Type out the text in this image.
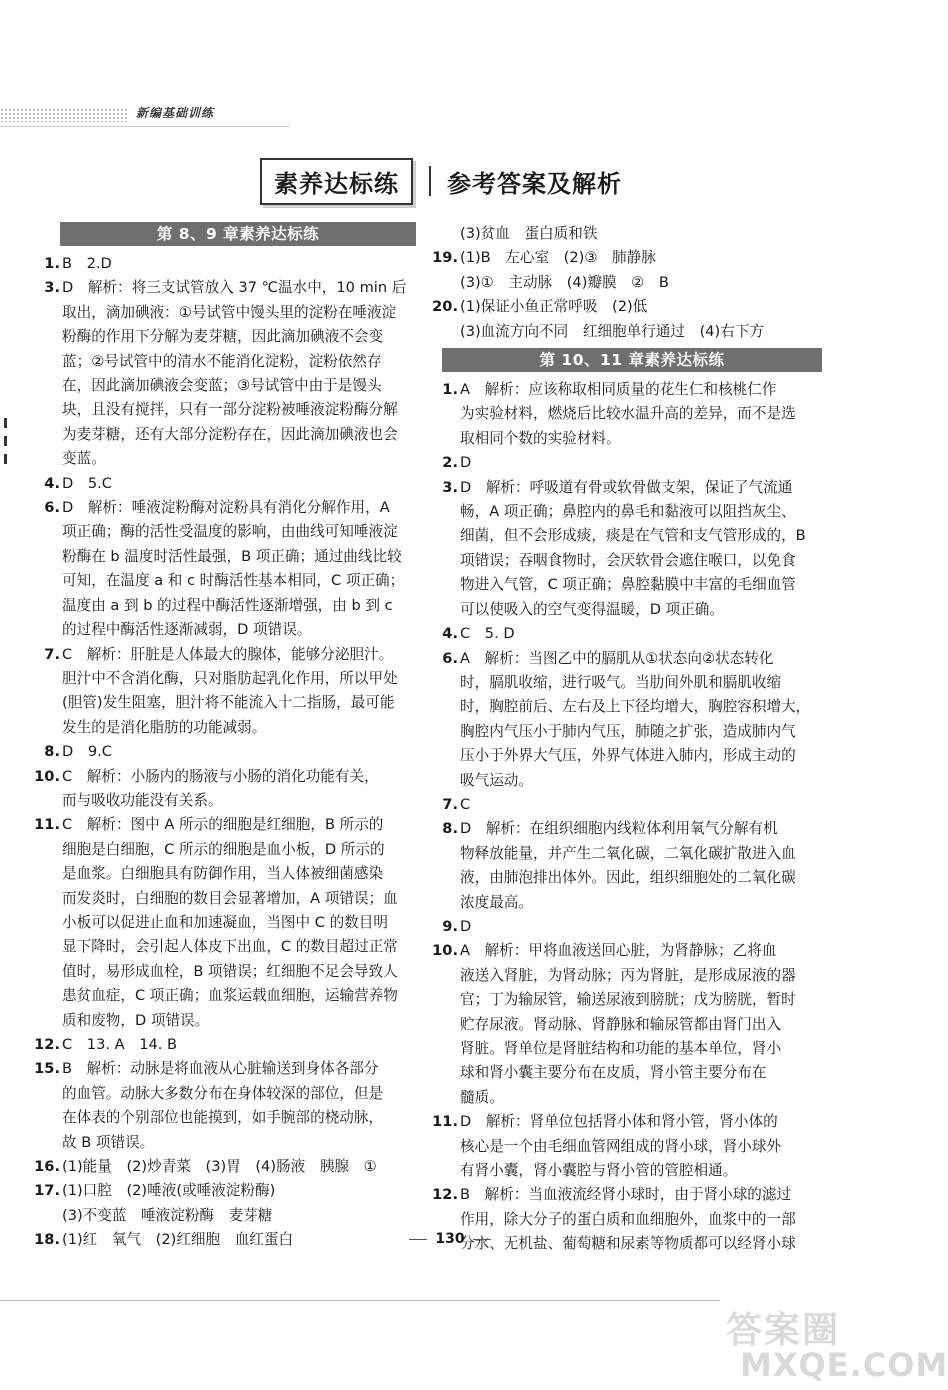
新编基础训练
素养达标练	参考答案及解析
第 8、9 章素养达标练
1. B　2.D
3. D　解析：将三支试管放入 37 ℃温水中，10 min 后
取出，滴加碘液：①号试管中馒头里的淀粉在唾液淀
粉酶的作用下分解为麦芽糖，因此滴加碘液不会变
蓝；②号试管中的清水不能消化淀粉，淀粉依然存
在，因此滴加碘液会变蓝；③号试管中由于是馒头
块，且没有搅拌，只有一部分淀粉被唾液淀粉酶分解
为麦芽糖，还有大部分淀粉存在，因此滴加碘液也会
变蓝。
4. D　5.C
6. D　解析：唾液淀粉酶对淀粉具有消化分解作用，A
项正确；酶的活性受温度的影响，由曲线可知唾液淀
粉酶在 b 温度时活性最强，B 项正确；通过曲线比较
可知，在温度 a 和 c 时酶活性基本相同，C 项正确；
温度由 a 到 b 的过程中酶活性逐渐增强，由 b 到 c
的过程中酶活性逐渐减弱，D 项错误。
7. C　解析：肝脏是人体最大的腺体，能够分泌胆汁。
胆汁中不含消化酶，只对脂肪起乳化作用，所以甲处
(胆管)发生阻塞，胆汁将不能流入十二指肠，最可能
发生的是消化脂肪的功能减弱。
8. D　9.C
10. C　解析：小肠内的肠液与小肠的消化功能有关，
而与吸收功能没有关系。
11. C　解析：图中 A 所示的细胞是红细胞，B 所示的
细胞是白细胞，C 所示的细胞是血小板，D 所示的
是血浆。白细胞具有防御作用，当人体被细菌感染
而发炎时，白细胞的数目会显著增加，A 项错误；血
小板可以促进止血和加速凝血，当图中 C 的数目明
显下降时，会引起人体皮下出血，C 的数目超过正常
值时，易形成血栓，B 项错误；红细胞不足会导致人
患贫血症，C 项正确；血浆运载血细胞，运输营养物
质和废物，D 项错误。
12. C　13. A　14. B
15. B　解析：动脉是将血液从心脏输送到身体各部分
的血管。动脉大多数分布在身体较深的部位，但是
在体表的个别部位也能摸到，如手腕部的桡动脉，
故 B 项错误。
16. (1)能量　(2)炒青菜　(3)胃　(4)肠液　胰腺　①
17. (1)口腔　(2)唾液(或唾液淀粉酶)
(3)不变蓝　唾液淀粉酶　麦芽糖
18. (1)红　氧气　(2)红细胞　血红蛋白
(3)贫血　蛋白质和铁
19. (1)B　左心室　(2)③　肺静脉
(3)①　主动脉　(4)瓣膜　②　B
20. (1)保证小鱼正常呼吸　(2)低
(3)血流方向不同　红细胞单行通过　(4)右下方
第 10、11 章素养达标练
1. A　解析：应该称取相同质量的花生仁和核桃仁作
为实验材料，燃烧后比较水温升高的差异，而不是选
取相同个数的实验材料。
2. D
3. D　解析：呼吸道有骨或软骨做支架，保证了气流通
畅，A 项正确；鼻腔内的鼻毛和黏液可以阻挡灰尘、
细菌，但不会形成痰，痰是在气管和支气管形成的，B
项错误；吞咽食物时，会厌软骨会遮住喉口，以免食
物进入气管，C 项正确；鼻腔黏膜中丰富的毛细血管
可以使吸入的空气变得温暖，D 项正确。
4. C　5. D
6. A　解析：当图乙中的膈肌从①状态向②状态转化
时，膈肌收缩，进行吸气。当肋间外肌和膈肌收缩
时，胸腔前后、左右及上下径均增大，胸腔容积增大，
胸腔内气压小于肺内气压，肺随之扩张，造成肺内气
压小于外界大气压，外界气体进入肺内，形成主动的
吸气运动。
7. C
8. D　解析：在组织细胞内线粒体利用氧气分解有机
物释放能量，并产生二氧化碳，二氧化碳扩散进入血
液，由肺泡排出体外。因此，组织细胞处的二氧化碳
浓度最高。
9. D
10. A　解析：甲将血液送回心脏，为肾静脉；乙将血
液送入肾脏，为肾动脉；丙为肾脏，是形成尿液的器
官；丁为输尿管，输送尿液到膀胱；戊为膀胱，暂时
贮存尿液。肾动脉、肾静脉和输尿管都由肾门出入
肾脏。肾单位是肾脏结构和功能的基本单位，肾小
球和肾小囊主要分布在皮质，肾小管主要分布在
髓质。
11. D　解析：肾单位包括肾小体和肾小管，肾小体的
核心是一个由毛细血管网组成的肾小球，肾小球外
有肾小囊，肾小囊腔与肾小管的管腔相通。
12. B　解析：当血液流经肾小球时，由于肾小球的滤过
作用，除大分子的蛋白质和血细胞外，血浆中的一部
分水、无机盐、葡萄糖和尿素等物质都可以经肾小球
130
答案圈
MXQE.COM
